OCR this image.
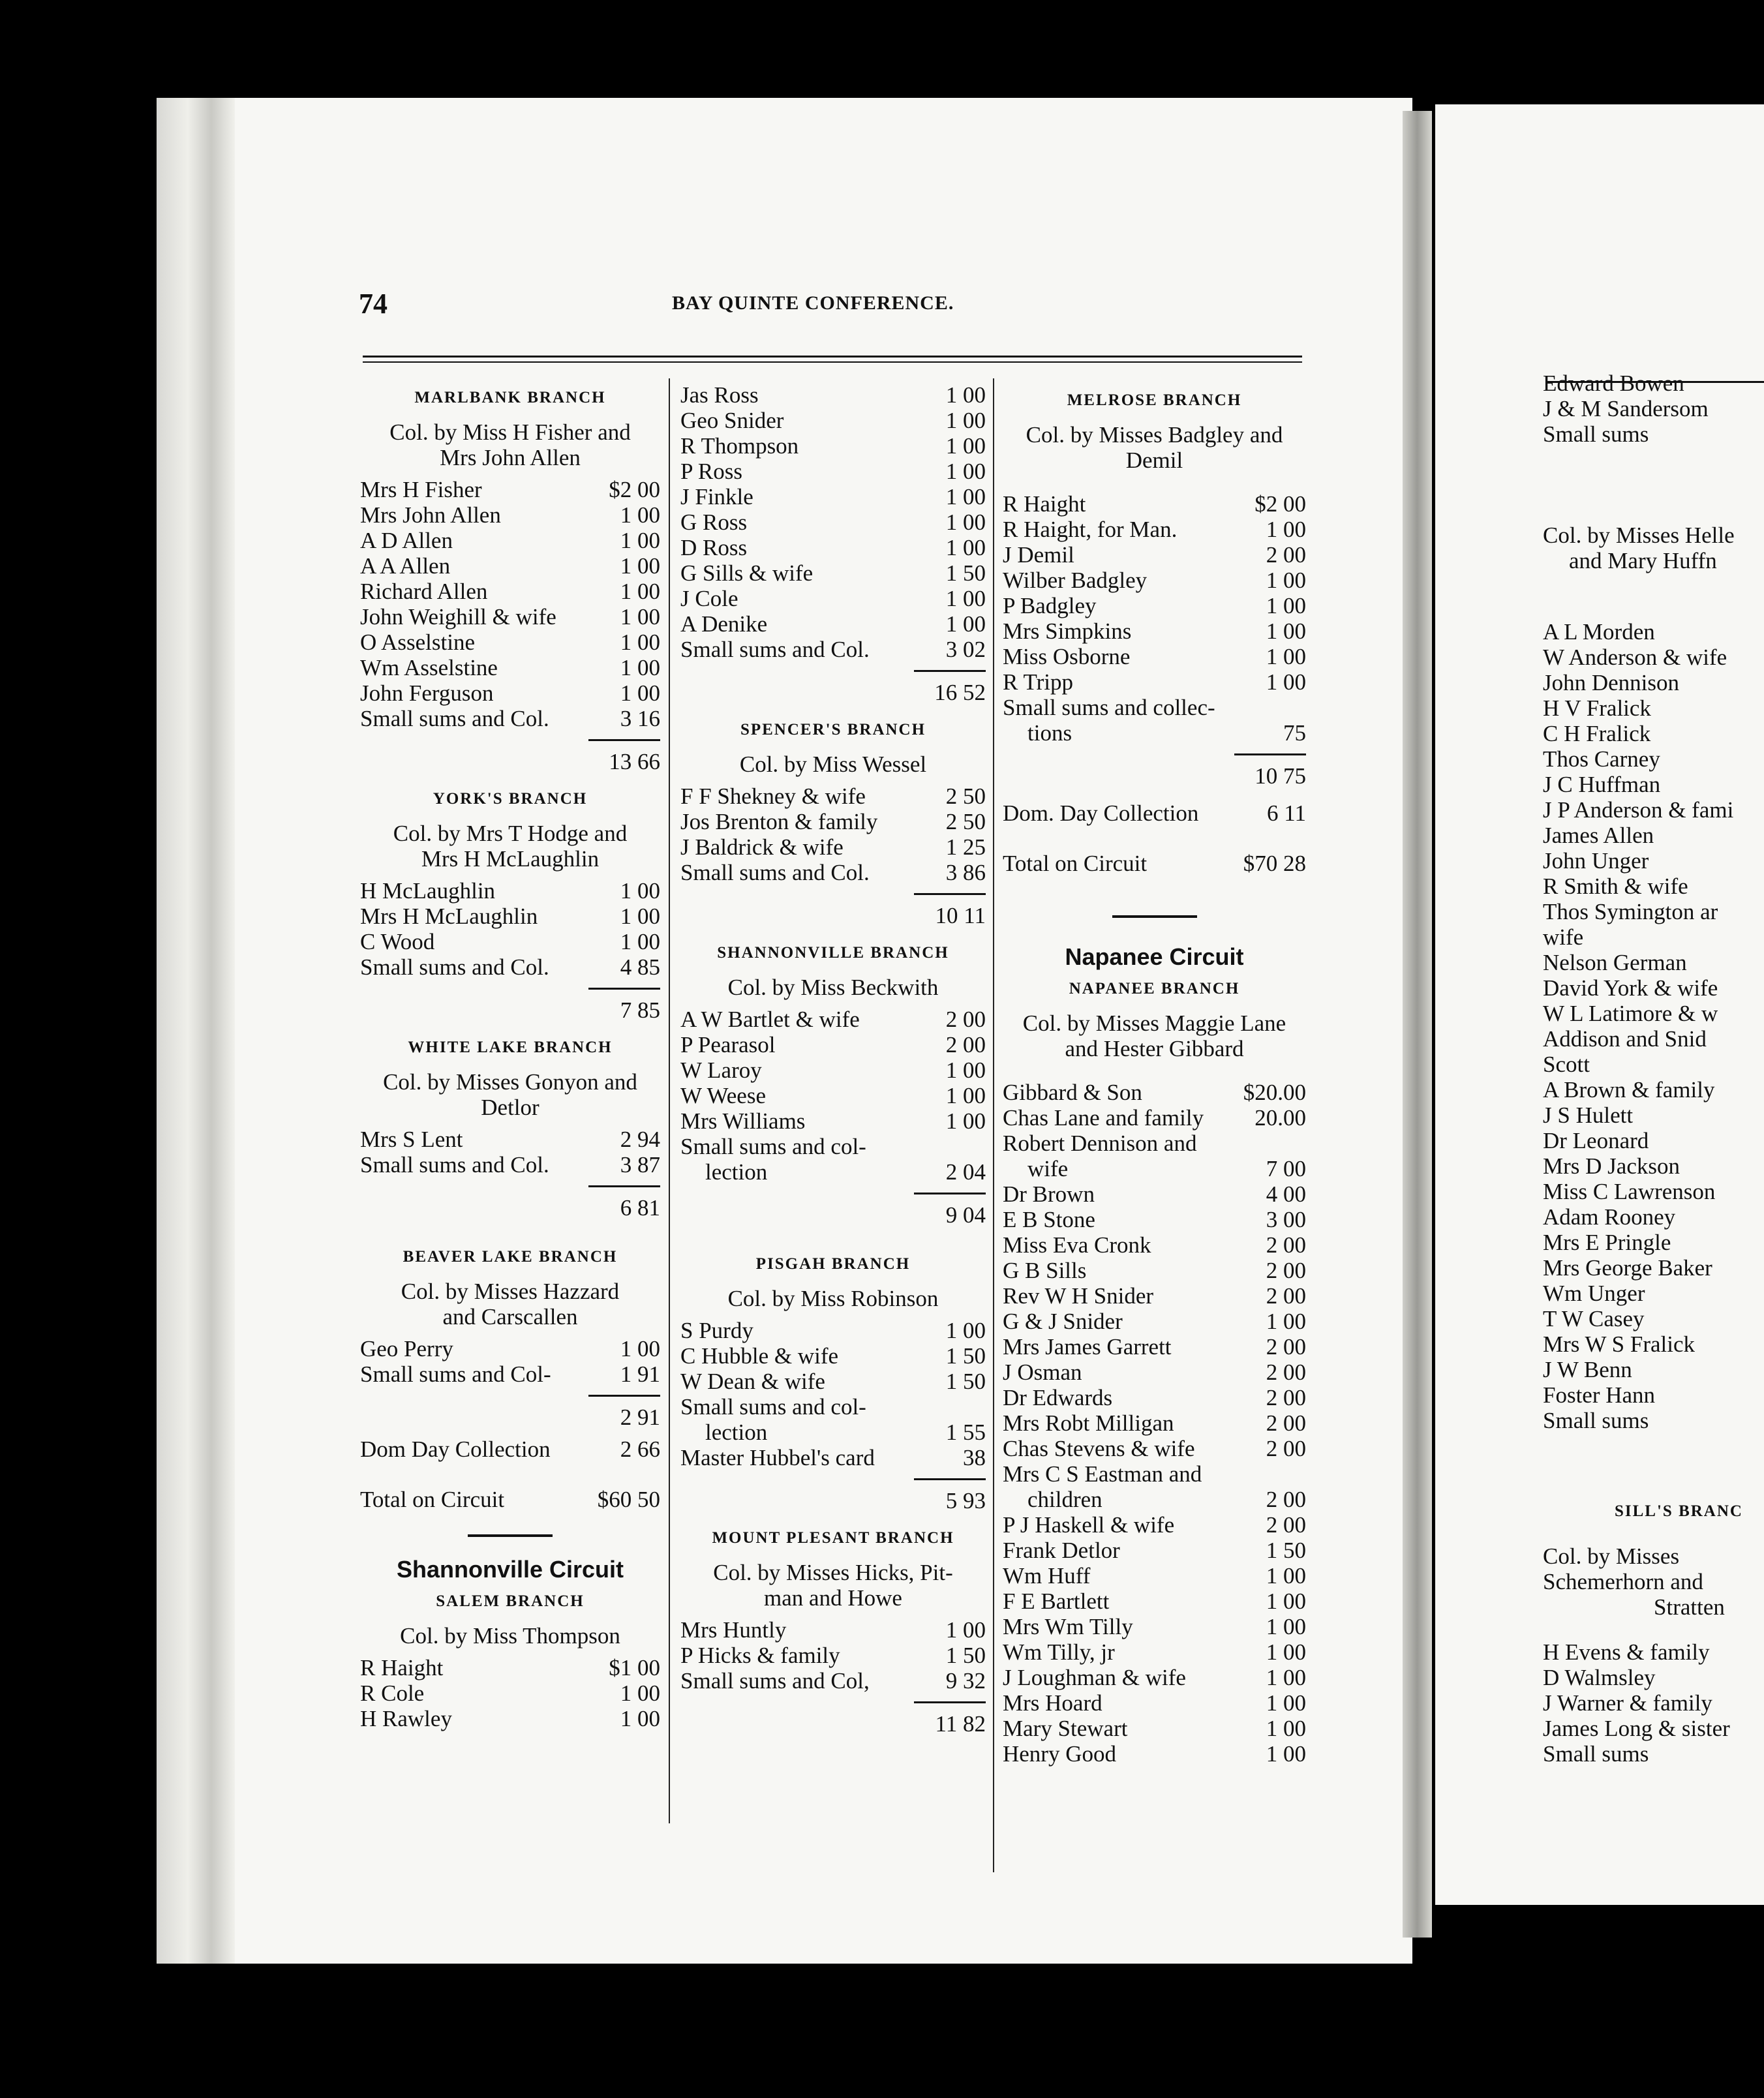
74	BAY QUINTE CONFERENCE.
MARLBANK BRANCH
Col. by Miss H Fisher and
Mrs John Allen
Mrs H Fisher	$2 00
Mrs John Allen	1 00
A D Allen	1 00
A A Allen	1 00
Richard Allen	1 00
John Weighill & wife	1 00
O Asselstine	1 00
Wm Asselstine	1 00
John Ferguson	1 00
Small sums and Col.	3 16
13 66
YORK'S BRANCH
Col. by Mrs T Hodge and
Mrs H McLaughlin
H McLaughlin	1 00
Mrs H McLaughlin	1 00
C Wood	1 00
Small sums and Col.	4 85
7 85
WHITE LAKE BRANCH
Col. by Misses Gonyon and
Detlor
Mrs S Lent	2 94
Small sums and Col.	3 87
6 81
BEAVER LAKE BRANCH
Col. by Misses Hazzard
and Carscallen
Geo Perry	1 00
Small sums and Col-	1 91
2 91
Dom Day Collection	2 66
Total on Circuit	$60 50
Shannonville Circuit
SALEM BRANCH
Col. by Miss Thompson
R Haight	$1 00
R Cole	1 00
H Rawley	1 00
Jas Ross	1 00
Geo Snider	1 00
R Thompson	1 00
P Ross	1 00
J Finkle	1 00
G Ross	1 00
D Ross	1 00
G Sills & wife	1 50
J Cole	1 00
A Denike	1 00
Small sums and Col.	3 02
16 52
SPENCER'S BRANCH
Col. by Miss Wessel
F F Shekney & wife	2 50
Jos Brenton & family	2 50
J Baldrick & wife	1 25
Small sums and Col.	3 86
10 11
SHANNONVILLE BRANCH
Col. by Miss Beckwith
A W Bartlet & wife	2 00
P Pearasol	2 00
W Laroy	1 00
W Weese	1 00
Mrs Williams	1 00
Small sums and col-
lection	2 04
9 04
PISGAH BRANCH
Col. by Miss Robinson
S Purdy	1 00
C Hubble & wife	1 50
W Dean & wife	1 50
Small sums and col-
lection	1 55
Master Hubbel's card	38
5 93
MOUNT PLESANT BRANCH
Col. by Misses Hicks, Pit-
man and Howe
Mrs Huntly	1 00
P Hicks & family	1 50
Small sums and Col,	9 32
11 82
MELROSE BRANCH
Col. by Misses Badgley and
Demil
R Haight	$2 00
R Haight, for Man.	1 00
J Demil	2 00
Wilber Badgley	1 00
P Badgley	1 00
Mrs Simpkins	1 00
Miss Osborne	1 00
R Tripp	1 00
Small sums and collec-
tions	75
10 75
Dom. Day Collection	6 11
Total on Circuit	$70 28
Napanee Circuit
NAPANEE BRANCH
Col. by Misses Maggie Lane
and Hester Gibbard
Gibbard & Son	$20.00
Chas Lane and family	20.00
Robert Dennison and
wife	7 00
Dr Brown	4 00
E B Stone	3 00
Miss Eva Cronk	2 00
G B Sills	2 00
Rev W H Snider	2 00
G & J Snider	1 00
Mrs James Garrett	2 00
J Osman	2 00
Dr Edwards	2 00
Mrs Robt Milligan	2 00
Chas Stevens & wife	2 00
Mrs C S Eastman and
children	2 00
P J Haskell & wife	2 00
Frank Detlor	1 50
Wm Huff	1 00
F E Bartlett	1 00
Mrs Wm Tilly	1 00
Wm Tilly, jr	1 00
J Loughman & wife	1 00
Mrs Hoard	1 00
Mary Stewart	1 00
Henry Good	1 00
Edward Bowen
J & M Sandersom
Small sums
Col. by Misses Helle
and Mary Huffn
A L Morden
W Anderson & wife
John Dennison
H V Fralick
C H Fralick
Thos Carney
J C Huffman
J P Anderson & fami
James Allen
John Unger
R Smith & wife
Thos Symington ar
wife
Nelson German
David York & wife
W L Latimore & w
Addison and Snid
Scott
A Brown & family
J S Hulett
Dr Leonard
Mrs D Jackson
Miss C Lawrenson
Adam Rooney
Mrs E Pringle
Mrs George Baker
Wm Unger
T W Casey
Mrs W S Fralick
J W Benn
Foster Hann
Small sums
SILL'S BRANC
Col. by Misses
Schemerhorn and
Stratten
H Evens & family
D Walmsley
J Warner & family
James Long & sister
Small sums
